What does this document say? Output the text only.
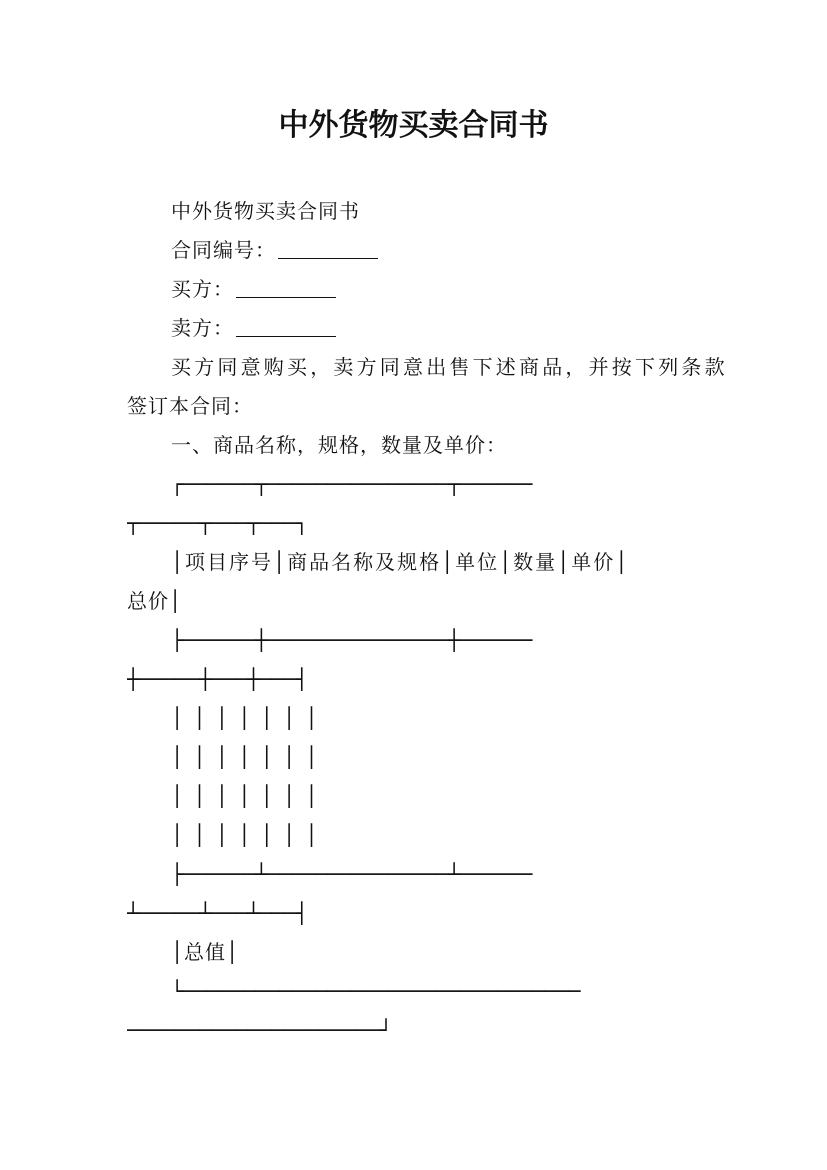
中外货物买卖合同书
中外货物买卖合同书
合同编号：
买方：
卖方：
买方同意购买，卖方同意出售下述商品，并按下列条款
签订本合同：
一、商品名称，规格，数量及单价：
┌──────┬───────────────┬──────
┬─────┬───┬───┐
│项目序号│商品名称及规格│单位│数量│单价│
总价│
├──────┼───────────────┼──────
┼─────┼───┼───┤
│ │ │ │ │ │ │
│ │ │ │ │ │ │
│ │ │ │ │ │ │
│ │ │ │ │ │ │
├──────┴───────────────┴──────
┴─────┴───┴───┤
│总值│
└─────────────────────────────────
─────────────────────┘
